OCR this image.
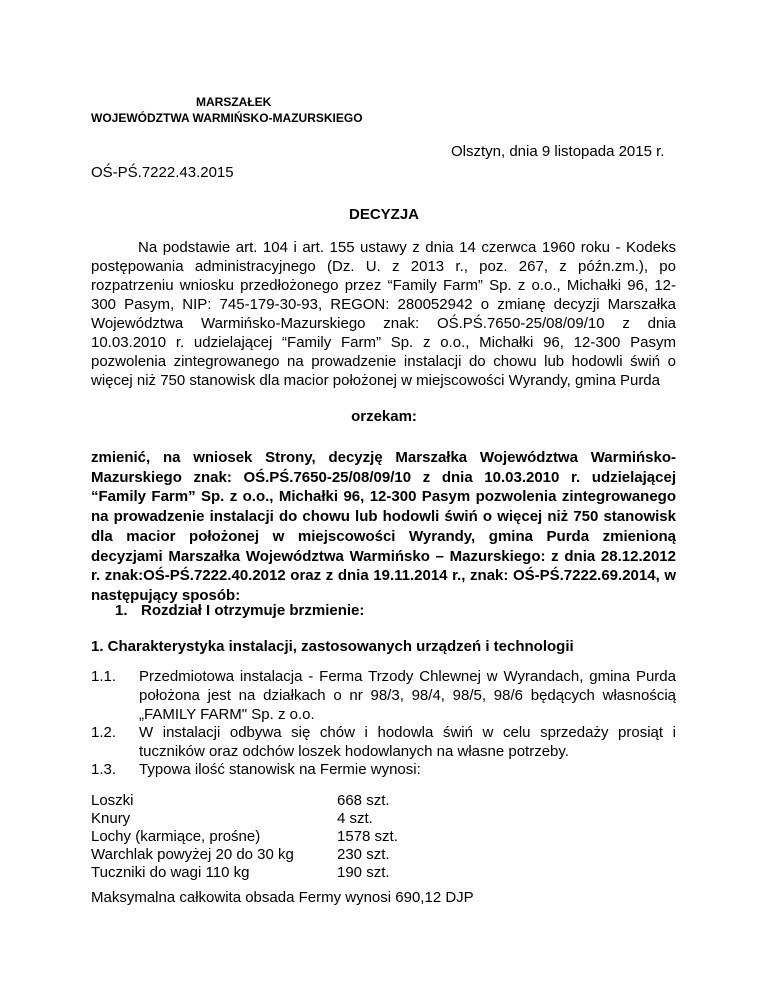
MARSZAŁEK
WOJEWÓDZTWA WARMIŃSKO-MAZURSKIEGO
Olsztyn, dnia 9 listopada 2015 r.
OŚ-PŚ.7222.43.2015
DECYZJA
Na podstawie art. 104 i art. 155 ustawy z dnia 14 czerwca 1960 roku - Kodeks postępowania administracyjnego (Dz. U. z 2013 r., poz. 267, z późn.zm.), po rozpatrzeniu wniosku przedłożonego przez “Family Farm” Sp. z o.o., Michałki 96, 12-300 Pasym, NIP: 745-179-30-93, REGON: 280052942 o zmianę decyzji Marszałka Województwa Warmińsko-Mazurskiego znak: OŚ.PŚ.7650-25/08/09/10 z dnia 10.03.2010 r. udzielającej “Family Farm” Sp. z o.o., Michałki 96, 12-300 Pasym pozwolenia zintegrowanego na prowadzenie instalacji do chowu lub hodowli świń o więcej niż 750 stanowisk dla macior położonej w miejscowości Wyrandy, gmina Purda
orzekam:
zmienić, na wniosek Strony, decyzję Marszałka Województwa Warmińsko-Mazurskiego znak: OŚ.PŚ.7650-25/08/09/10 z dnia 10.03.2010 r. udzielającej “Family Farm” Sp. z o.o., Michałki 96, 12-300 Pasym pozwolenia zintegrowanego na prowadzenie instalacji do chowu lub hodowli świń o więcej niż 750 stanowisk dla macior położonej w miejscowości Wyrandy, gmina Purda zmienioną decyzjami Marszałka Województwa Warmińsko – Mazurskiego: z dnia 28.12.2012 r. znak:OŚ-PŚ.7222.40.2012 oraz z dnia 19.11.2014 r., znak: OŚ-PŚ.7222.69.2014, w następujący sposób:
1. Rozdział I otrzymuje brzmienie:
1. Charakterystyka instalacji, zastosowanych urządzeń i technologii
1.1. Przedmiotowa instalacja - Ferma Trzody Chlewnej w Wyrandach, gmina Purda położona jest na działkach o nr 98/3, 98/4, 98/5, 98/6 będących własnością „FAMILY FARM" Sp. z o.o.
1.2. W instalacji odbywa się chów i hodowla świń w celu sprzedaży prosiąt i tuczników oraz odchów loszek hodowlanych na własne potrzeby.
1.3. Typowa ilość stanowisk na Fermie wynosi:
Loszki	668 szt.
Knury	4 szt.
Lochy (karmiące, prośne)	1578 szt.
Warchlak powyżej 20 do 30 kg	230 szt.
Tuczniki do wagi 110 kg	190 szt.
Maksymalna całkowita obsada Fermy wynosi 690,12 DJP
